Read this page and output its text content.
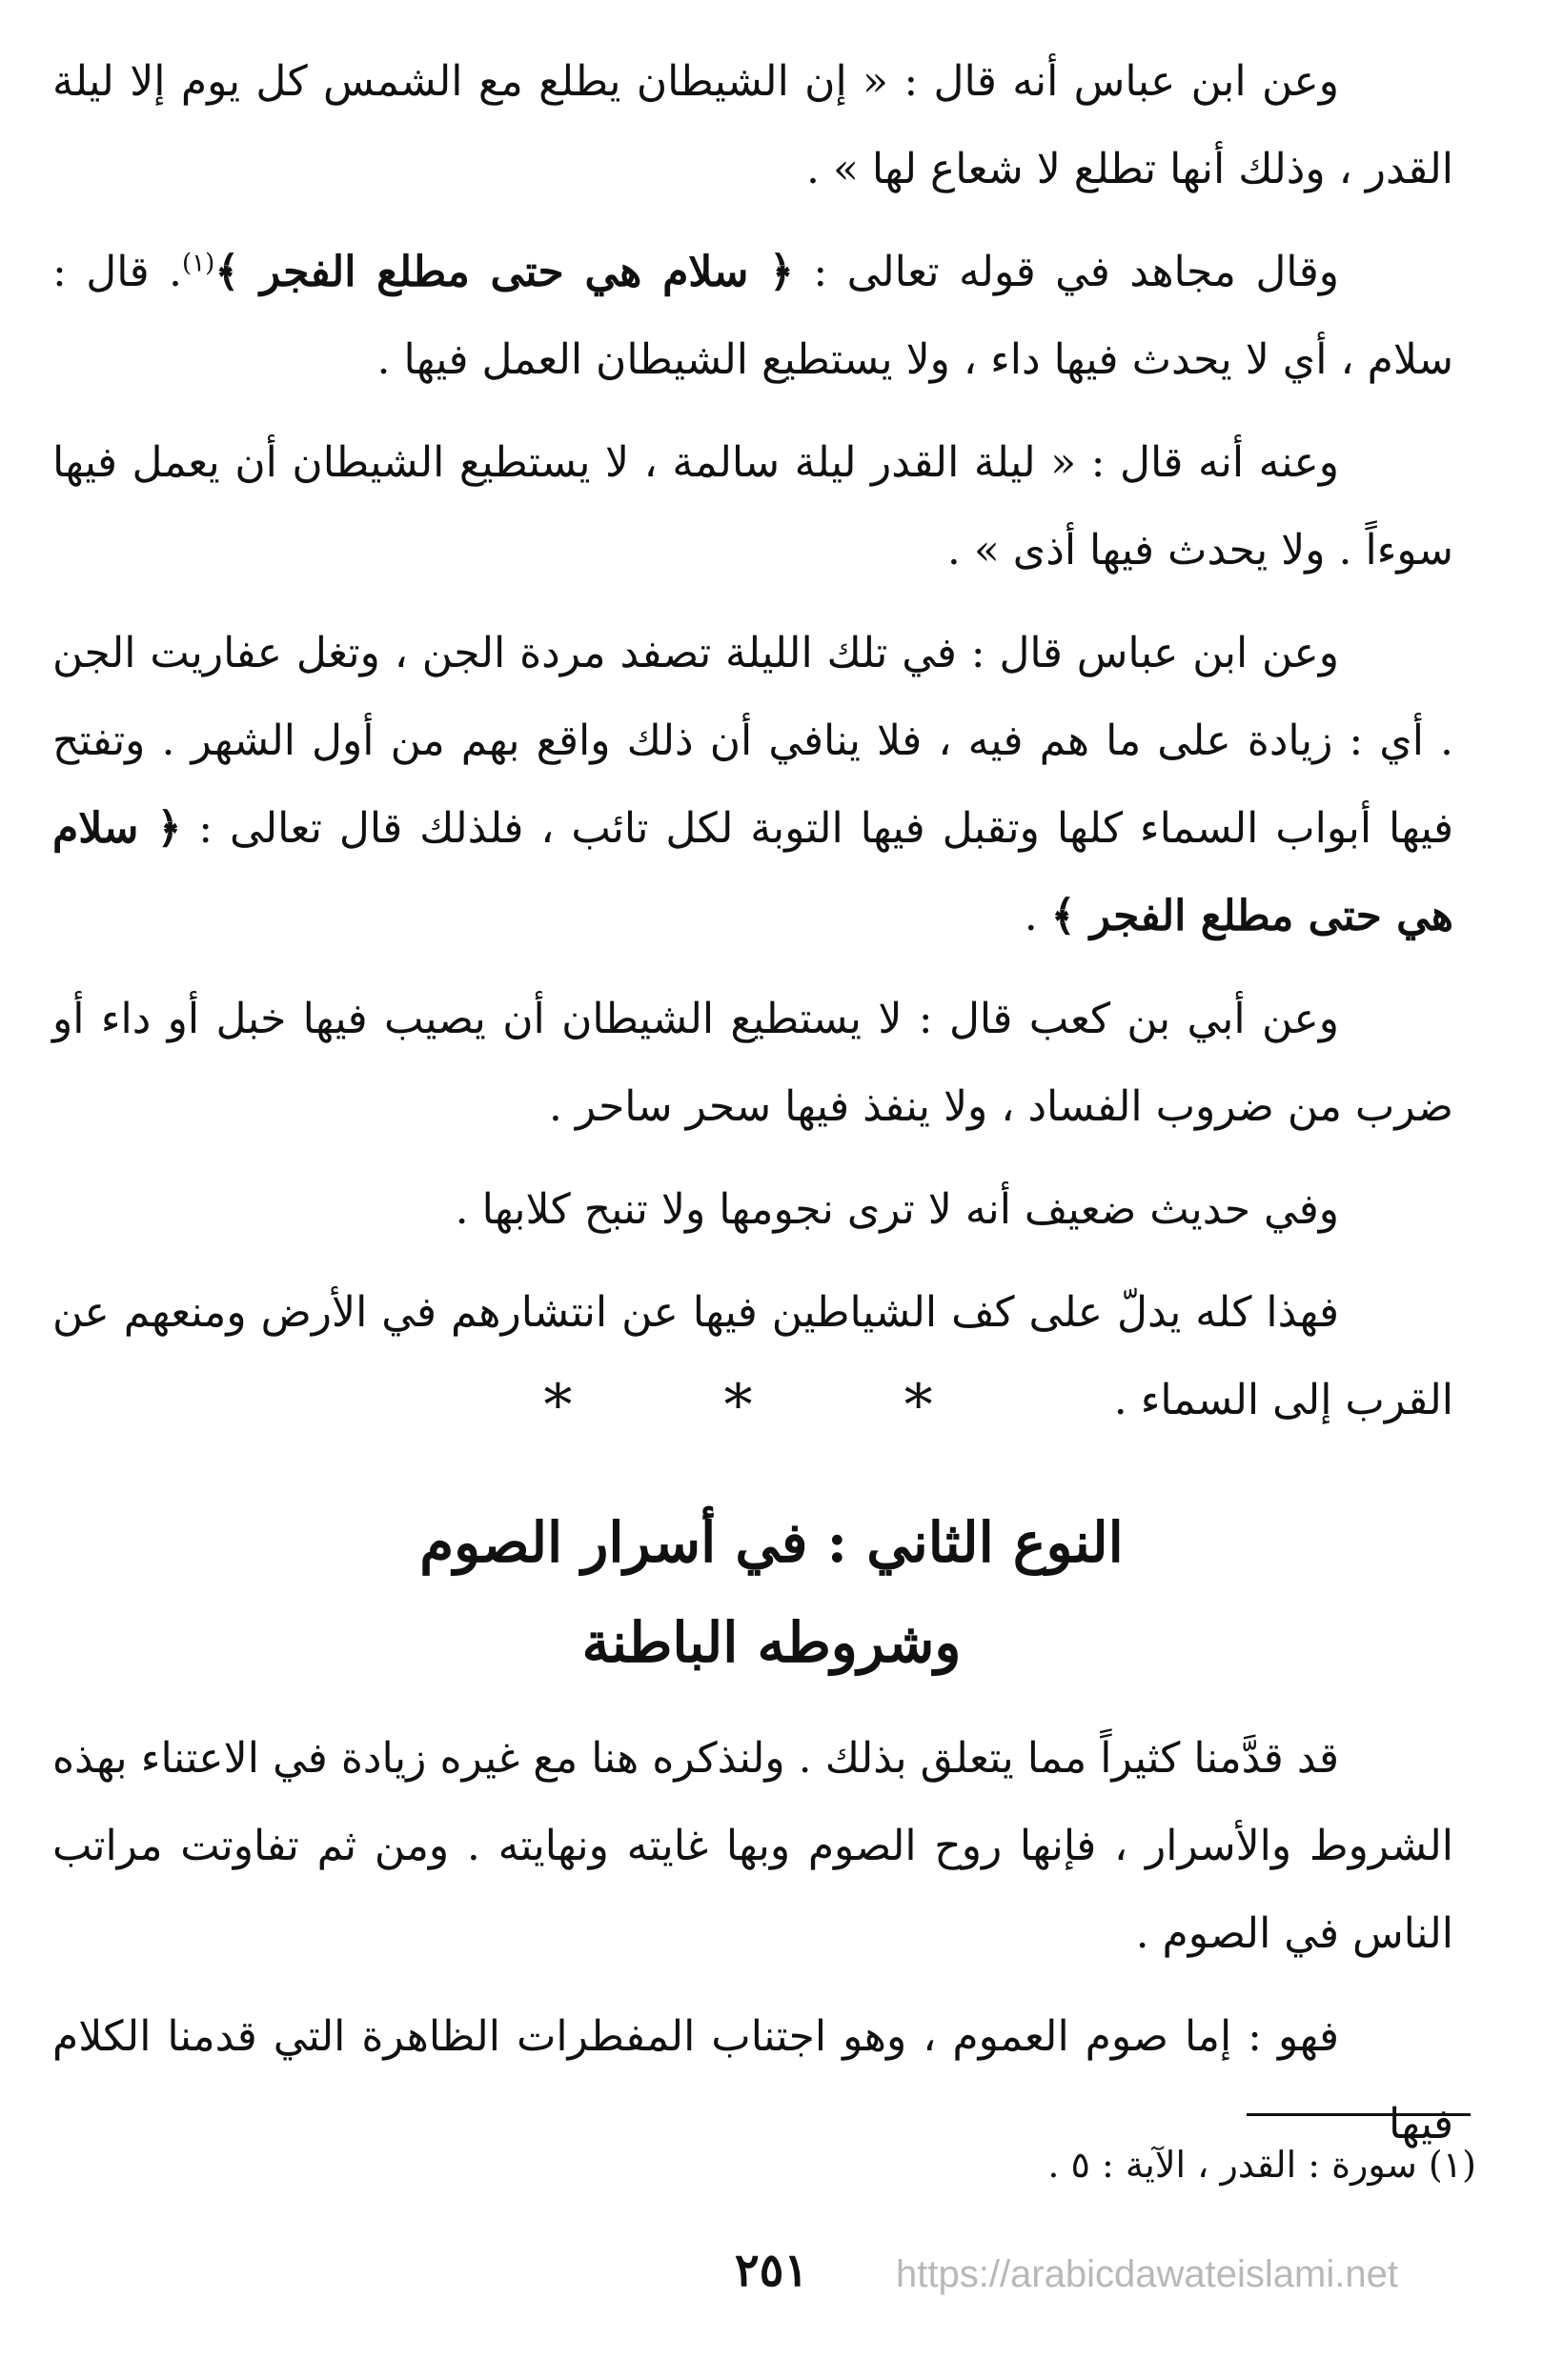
وعن ابن عباس أنه قال : « إن الشيطان يطلع مع الشمس كل يوم إلا ليلة القدر ، وذلك أنها تطلع لا شعاع لها » .

وقال مجاهد في قوله تعالى : ﴿ سلام هي حتى مطلع الفجر ﴾$^{(١)}$. قال : سلام ، أي لا يحدث فيها داء ، ولا يستطيع الشيطان العمل فيها .

وعنه أنه قال : « ليلة القدر ليلة سالمة ، لا يستطيع الشيطان أن يعمل فيها سوءاً . ولا يحدث فيها أذى » .

وعن ابن عباس قال : في تلك الليلة تصفد مردة الجن ، وتغل عفاريت الجن . أي : زيادة على ما هم فيه ، فلا ينافي أن ذلك واقع بهم من أول الشهر . وتفتح فيها أبواب السماء كلها وتقبل فيها التوبة لكل تائب ، فلذلك قال تعالى : ﴿ سلام هي حتى مطلع الفجر ﴾ .

وعن أبي بن كعب قال : لا يستطيع الشيطان أن يصيب فيها خبل أو داء أو ضرب من ضروب الفساد ، ولا ينفذ فيها سحر ساحر .

وفي حديث ضعيف أنه لا ترى نجومها ولا تنبح كلابها .

فهذا كله يدلّ على كف الشياطين فيها عن انتشارهم في الأرض ومنعهم عن القرب إلى السماء .

* * *
النوع الثاني : في أسرار الصوم
وشروطه الباطنة

قد قدَّمنا كثيراً مما يتعلق بذلك . ولنذكره هنا مع غيره زيادة في الاعتناء بهذه الشروط والأسرار ، فإنها روح الصوم وبها غايته ونهايته . ومن ثم تفاوتت مراتب الناس في الصوم .

فهو : إما صوم العموم ، وهو اجتناب المفطرات الظاهرة التي قدمنا الكلام فيها

(١) سورة : القدر ، الآية : ٥ .
٢٥١	https://arabicdawateislami.net
